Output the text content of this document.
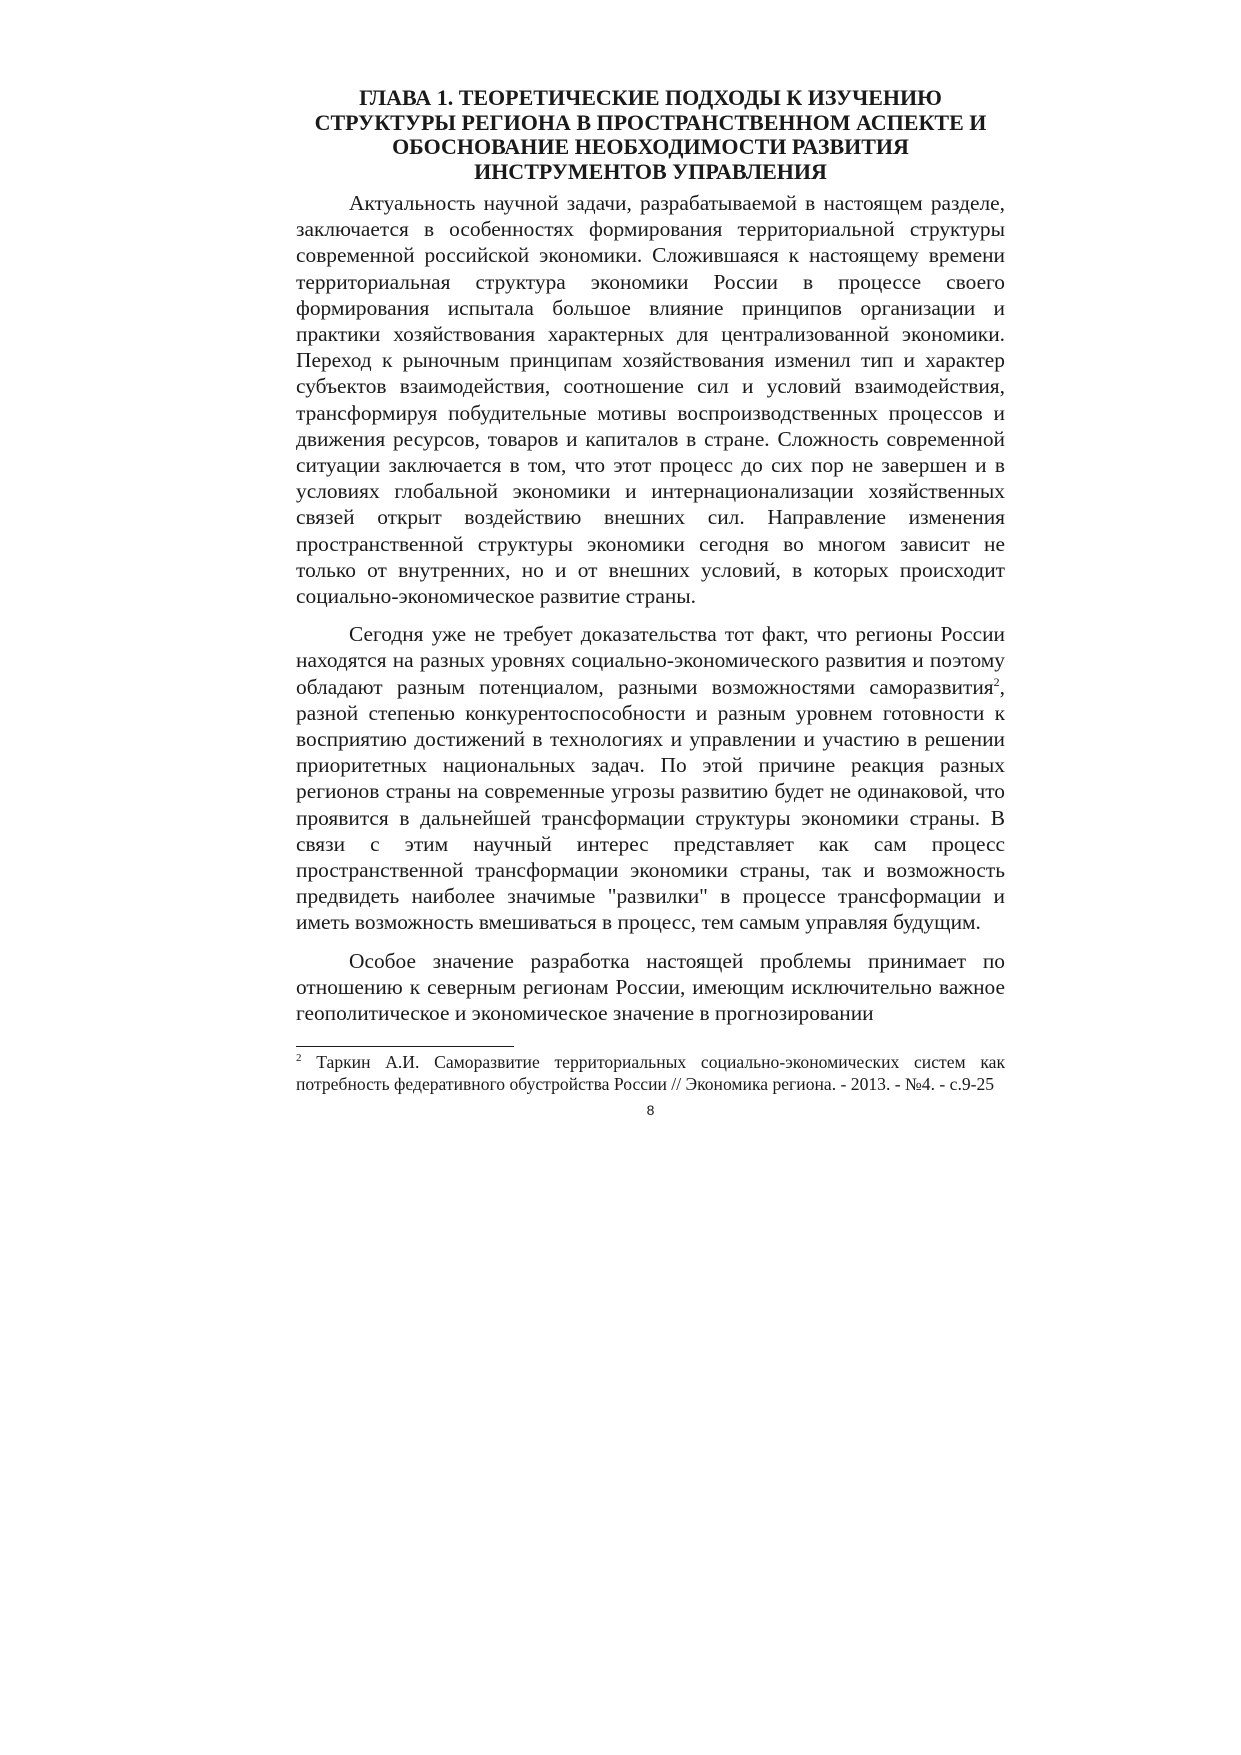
ГЛАВА 1. ТЕОРЕТИЧЕСКИЕ ПОДХОДЫ К ИЗУЧЕНИЮ
СТРУКТУРЫ РЕГИОНА В ПРОСТРАНСТВЕННОМ АСПЕКТЕ И
ОБОСНОВАНИЕ НЕОБХОДИМОСТИ РАЗВИТИЯ
ИНСТРУМЕНТОВ УПРАВЛЕНИЯ

Актуальность научной задачи, разрабатываемой в настоящем разделе, заключается в особенностях формирования территориальной структуры современной российской экономики. Сложившаяся к настоящему времени территориальная структура экономики России в процессе своего формирования испытала большое влияние принципов организации и практики хозяйствования характерных для централизованной экономики. Переход к рыночным принципам хозяйствования изменил тип и характер субъектов взаимодействия, соотношение сил и условий взаимодействия, трансформируя побудительные мотивы воспроизводственных процессов и движения ресурсов, товаров и капиталов в стране. Сложность современной ситуации заключается в том, что этот процесс до сих пор не завершен и в условиях глобальной экономики и интернационализации хозяйственных связей открыт воздействию внешних сил. Направление изменения пространственной структуры экономики сегодня во многом зависит не только от внутренних, но и от внешних условий, в которых происходит социально-экономическое развитие страны.

Сегодня уже не требует доказательства тот факт, что регионы России находятся на разных уровнях социально-экономического развития и поэтому обладают разным потенциалом, разными возможностями саморазвития$^2$, разной степенью конкурентоспособности и разным уровнем готовности к восприятию достижений в технологиях и управлении и участию в решении приоритетных национальных задач. По этой причине реакция разных регионов страны на современные угрозы развитию будет не одинаковой, что проявится в дальнейшей трансформации структуры экономики страны. В связи с этим научный интерес представляет как сам процесс пространственной трансформации экономики страны, так и возможность предвидеть наиболее значимые "развилки" в процессе трансформации и иметь возможность вмешиваться в процесс, тем самым управляя будущим.

Особое значение разработка настоящей проблемы принимает по отношению к северным регионам России, имеющим исключительно важное геополитическое и экономическое значение в прогнозировании

$^2$ Таркин А.И. Саморазвитие территориальных социально-экономических систем как потребность федеративного обустройства России // Экономика региона. - 2013. - №4. - с.9-25

8
